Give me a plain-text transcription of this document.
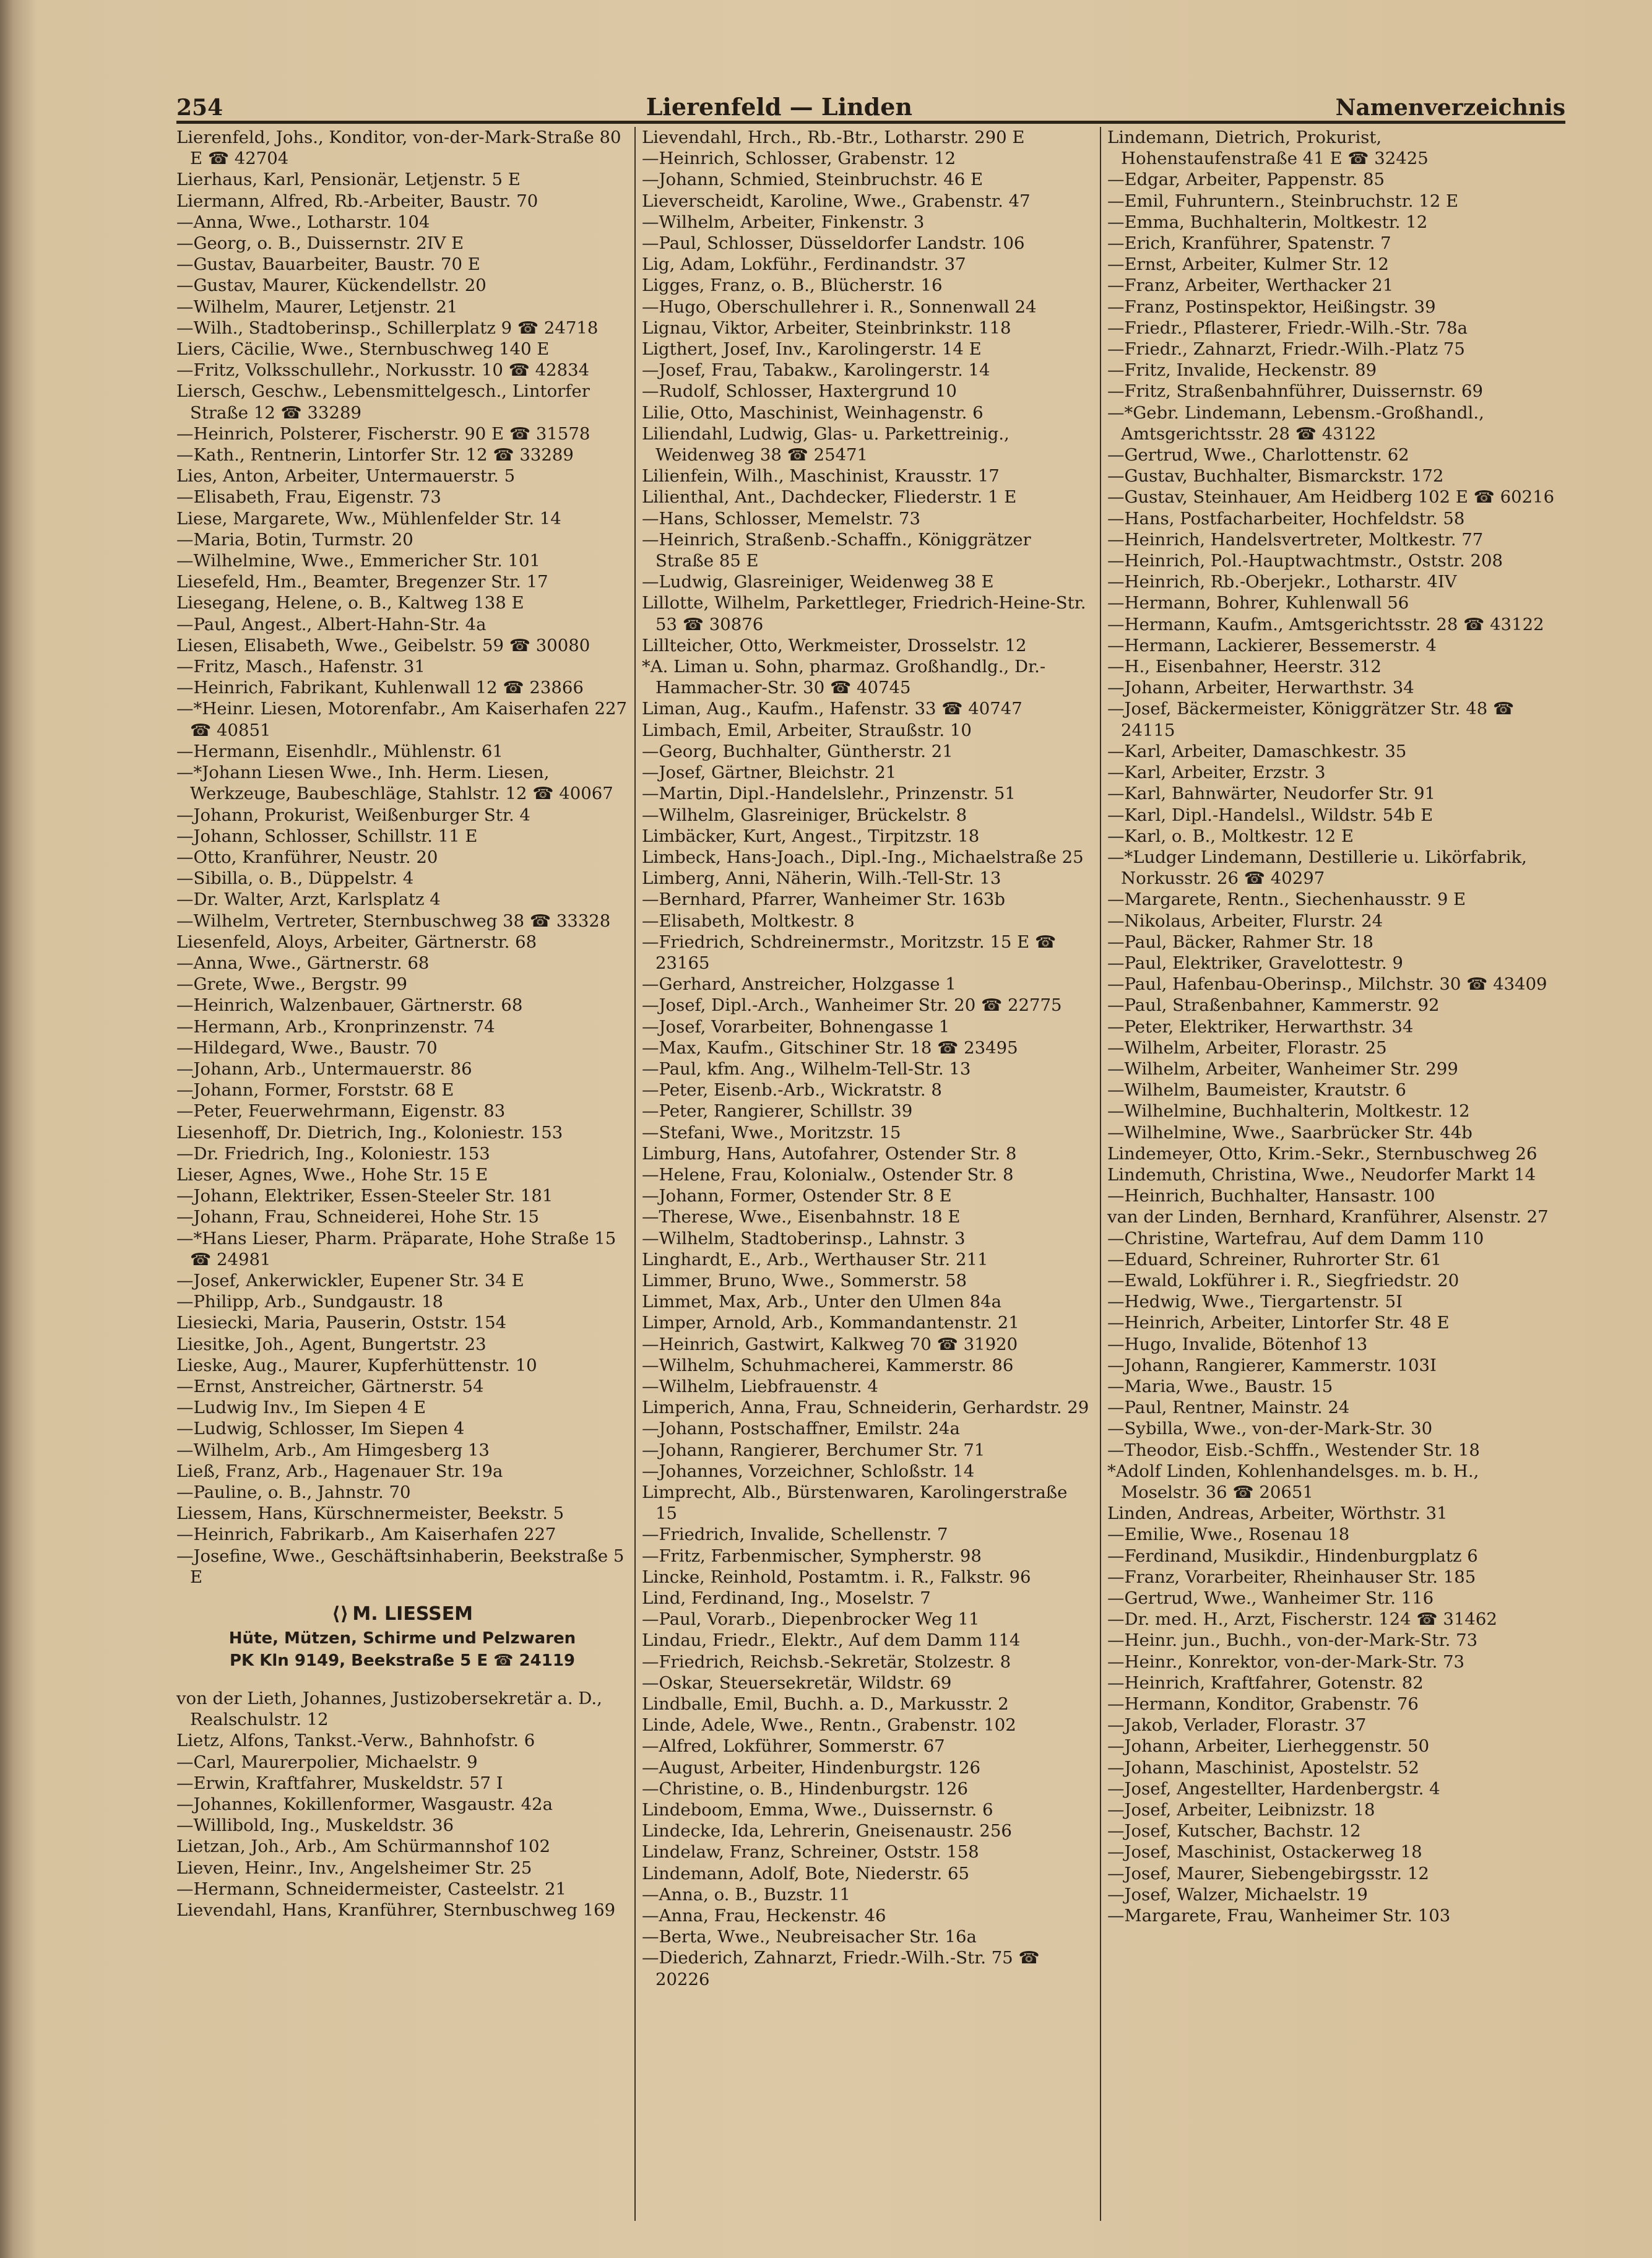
254	Lierenfeld — Linden	Namenverzeichnis
Lierenfeld, Johs., Konditor, von-der-Mark-Straße 80 E ☎ 42704
Lierhaus, Karl, Pensionär, Letjenstr. 5 E
Liermann, Alfred, Rb.-Arbeiter, Baustr. 70
—Anna, Wwe., Lotharstr. 104
—Georg, o. B., Duissernstr. 2IV E
—Gustav, Bauarbeiter, Baustr. 70 E
—Gustav, Maurer, Kückendellstr. 20
—Wilhelm, Maurer, Letjenstr. 21
—Wilh., Stadtoberinsp., Schillerplatz 9 ☎ 24718
Liers, Cäcilie, Wwe., Sternbuschweg 140 E
—Fritz, Volksschullehr., Norkusstr. 10 ☎ 42834
Liersch, Geschw., Lebensmittelgesch., Lintorfer Straße 12 ☎ 33289
—Heinrich, Polsterer, Fischerstr. 90 E ☎ 31578
—Kath., Rentnerin, Lintorfer Str. 12 ☎ 33289
Lies, Anton, Arbeiter, Untermauerstr. 5
—Elisabeth, Frau, Eigenstr. 73
Liese, Margarete, Ww., Mühlenfelder Str. 14
—Maria, Botin, Turmstr. 20
—Wilhelmine, Wwe., Emmericher Str. 101
Liesefeld, Hm., Beamter, Bregenzer Str. 17
Liesegang, Helene, o. B., Kaltweg 138 E
—Paul, Angest., Albert-Hahn-Str. 4a
Liesen, Elisabeth, Wwe., Geibelstr. 59 ☎ 30080
—Fritz, Masch., Hafenstr. 31
—Heinrich, Fabrikant, Kuhlenwall 12 ☎ 23866
—*Heinr. Liesen, Motorenfabr., Am Kaiserhafen 227 ☎ 40851
—Hermann, Eisenhdlr., Mühlenstr. 61
—*Johann Liesen Wwe., Inh. Herm. Liesen, Werkzeuge, Baubeschläge, Stahlstr. 12 ☎ 40067
—Johann, Prokurist, Weißenburger Str. 4
—Johann, Schlosser, Schillstr. 11 E
—Otto, Kranführer, Neustr. 20
—Sibilla, o. B., Düppelstr. 4
—Dr. Walter, Arzt, Karlsplatz 4
—Wilhelm, Vertreter, Sternbuschweg 38 ☎ 33328
Liesenfeld, Aloys, Arbeiter, Gärtnerstr. 68
—Anna, Wwe., Gärtnerstr. 68
—Grete, Wwe., Bergstr. 99
—Heinrich, Walzenbauer, Gärtnerstr. 68
—Hermann, Arb., Kronprinzenstr. 74
—Hildegard, Wwe., Baustr. 70
—Johann, Arb., Untermauerstr. 86
—Johann, Former, Forststr. 68 E
—Peter, Feuerwehrmann, Eigenstr. 83
Liesenhoff, Dr. Dietrich, Ing., Koloniestr. 153
—Dr. Friedrich, Ing., Koloniestr. 153
Lieser, Agnes, Wwe., Hohe Str. 15 E
—Johann, Elektriker, Essen-Steeler Str. 181
—Johann, Frau, Schneiderei, Hohe Str. 15
—*Hans Lieser, Pharm. Präparate, Hohe Straße 15 ☎ 24981
—Josef, Ankerwickler, Eupener Str. 34 E
—Philipp, Arb., Sundgaustr. 18
Liesiecki, Maria, Pauserin, Oststr. 154
Liesitke, Joh., Agent, Bungertstr. 23
Lieske, Aug., Maurer, Kupferhüttenstr. 10
—Ernst, Anstreicher, Gärtnerstr. 54
—Ludwig Inv., Im Siepen 4 E
—Ludwig, Schlosser, Im Siepen 4
—Wilhelm, Arb., Am Himgesberg 13
Ließ, Franz, Arb., Hagenauer Str. 19a
—Pauline, o. B., Jahnstr. 70
Liessem, Hans, Kürschnermeister, Beekstr. 5
—Heinrich, Fabrikarb., Am Kaiserhafen 227
—Josefine, Wwe., Geschäftsinhaberin, Beekstraße 5 E
⟨⟩ M. LIESSEM
Hüte, Mützen, Schirme und Pelzwaren
PK Kln 9149, Beekstraße 5 E ☎ 24119
von der Lieth, Johannes, Justizobersekretär a. D., Realschulstr. 12
Lietz, Alfons, Tankst.-Verw., Bahnhofstr. 6
—Carl, Maurerpolier, Michaelstr. 9
—Erwin, Kraftfahrer, Muskeldstr. 57 I
—Johannes, Kokillenformer, Wasgaustr. 42a
—Willibold, Ing., Muskeldstr. 36
Lietzan, Joh., Arb., Am Schürmannshof 102
Lieven, Heinr., Inv., Angelsheimer Str. 25
—Hermann, Schneidermeister, Casteelstr. 21
Lievendahl, Hans, Kranführer, Sternbuschweg 169
Lievendahl, Hrch., Rb.-Btr., Lotharstr. 290 E
—Heinrich, Schlosser, Grabenstr. 12
—Johann, Schmied, Steinbruchstr. 46 E
Lieverscheidt, Karoline, Wwe., Grabenstr. 47
—Wilhelm, Arbeiter, Finkenstr. 3
—Paul, Schlosser, Düsseldorfer Landstr. 106
Lig, Adam, Lokführ., Ferdinandstr. 37
Ligges, Franz, o. B., Blücherstr. 16
—Hugo, Oberschullehrer i. R., Sonnenwall 24
Lignau, Viktor, Arbeiter, Steinbrinkstr. 118
Ligthert, Josef, Inv., Karolingerstr. 14 E
—Josef, Frau, Tabakw., Karolingerstr. 14
—Rudolf, Schlosser, Haxtergrund 10
Lilie, Otto, Maschinist, Weinhagenstr. 6
Liliendahl, Ludwig, Glas- u. Parkettreinig., Weidenweg 38 ☎ 25471
Lilienfein, Wilh., Maschinist, Krausstr. 17
Lilienthal, Ant., Dachdecker, Fliederstr. 1 E
—Hans, Schlosser, Memelstr. 73
—Heinrich, Straßenb.-Schaffn., Königgrätzer Straße 85 E
—Ludwig, Glasreiniger, Weidenweg 38 E
Lillotte, Wilhelm, Parkettleger, Friedrich-Heine-Str. 53 ☎ 30876
Lillteicher, Otto, Werkmeister, Drosselstr. 12
*A. Liman u. Sohn, pharmaz. Großhandlg., Dr.-Hammacher-Str. 30 ☎ 40745
Liman, Aug., Kaufm., Hafenstr. 33 ☎ 40747
Limbach, Emil, Arbeiter, Straußstr. 10
—Georg, Buchhalter, Güntherstr. 21
—Josef, Gärtner, Bleichstr. 21
—Martin, Dipl.-Handelslehr., Prinzenstr. 51
—Wilhelm, Glasreiniger, Brückelstr. 8
Limbäcker, Kurt, Angest., Tirpitzstr. 18
Limbeck, Hans-Joach., Dipl.-Ing., Michaelstraße 25
Limberg, Anni, Näherin, Wilh.-Tell-Str. 13
—Bernhard, Pfarrer, Wanheimer Str. 163b
—Elisabeth, Moltkestr. 8
—Friedrich, Schdreinermstr., Moritzstr. 15 E ☎ 23165
—Gerhard, Anstreicher, Holzgasse 1
—Josef, Dipl.-Arch., Wanheimer Str. 20 ☎ 22775
—Josef, Vorarbeiter, Bohnengasse 1
—Max, Kaufm., Gitschiner Str. 18 ☎ 23495
—Paul, kfm. Ang., Wilhelm-Tell-Str. 13
—Peter, Eisenb.-Arb., Wickratstr. 8
—Peter, Rangierer, Schillstr. 39
—Stefani, Wwe., Moritzstr. 15
Limburg, Hans, Autofahrer, Ostender Str. 8
—Helene, Frau, Kolonialw., Ostender Str. 8
—Johann, Former, Ostender Str. 8 E
—Therese, Wwe., Eisenbahnstr. 18 E
—Wilhelm, Stadtoberinsp., Lahnstr. 3
Linghardt, E., Arb., Werthauser Str. 211
Limmer, Bruno, Wwe., Sommerstr. 58
Limmet, Max, Arb., Unter den Ulmen 84a
Limper, Arnold, Arb., Kommandantenstr. 21
—Heinrich, Gastwirt, Kalkweg 70 ☎ 31920
—Wilhelm, Schuhmacherei, Kammerstr. 86
—Wilhelm, Liebfrauenstr. 4
Limperich, Anna, Frau, Schneiderin, Gerhardstr. 29
—Johann, Postschaffner, Emilstr. 24a
—Johann, Rangierer, Berchumer Str. 71
—Johannes, Vorzeichner, Schloßstr. 14
Limprecht, Alb., Bürstenwaren, Karolingerstraße 15
—Friedrich, Invalide, Schellenstr. 7
—Fritz, Farbenmischer, Sympherstr. 98
Lincke, Reinhold, Postamtm. i. R., Falkstr. 96
Lind, Ferdinand, Ing., Moselstr. 7
—Paul, Vorarb., Diepenbrocker Weg 11
Lindau, Friedr., Elektr., Auf dem Damm 114
—Friedrich, Reichsb.-Sekretär, Stolzestr. 8
—Oskar, Steuersekretär, Wildstr. 69
Lindballe, Emil, Buchh. a. D., Markusstr. 2
Linde, Adele, Wwe., Rentn., Grabenstr. 102
—Alfred, Lokführer, Sommerstr. 67
—August, Arbeiter, Hindenburgstr. 126
—Christine, o. B., Hindenburgstr. 126
Lindeboom, Emma, Wwe., Duissernstr. 6
Lindecke, Ida, Lehrerin, Gneisenaustr. 256
Lindelaw, Franz, Schreiner, Oststr. 158
Lindemann, Adolf, Bote, Niederstr. 65
—Anna, o. B., Buzstr. 11
—Anna, Frau, Heckenstr. 46
—Berta, Wwe., Neubreisacher Str. 16a
—Diederich, Zahnarzt, Friedr.-Wilh.-Str. 75 ☎ 20226
Lindemann, Dietrich, Prokurist, Hohenstaufenstraße 41 E ☎ 32425
—Edgar, Arbeiter, Pappenstr. 85
—Emil, Fuhruntern., Steinbruchstr. 12 E
—Emma, Buchhalterin, Moltkestr. 12
—Erich, Kranführer, Spatenstr. 7
—Ernst, Arbeiter, Kulmer Str. 12
—Franz, Arbeiter, Werthacker 21
—Franz, Postinspektor, Heißingstr. 39
—Friedr., Pflasterer, Friedr.-Wilh.-Str. 78a
—Friedr., Zahnarzt, Friedr.-Wilh.-Platz 75
—Fritz, Invalide, Heckenstr. 89
—Fritz, Straßenbahnführer, Duissernstr. 69
—*Gebr. Lindemann, Lebensm.-Großhandl., Amtsgerichtsstr. 28 ☎ 43122
—Gertrud, Wwe., Charlottenstr. 62
—Gustav, Buchhalter, Bismarckstr. 172
—Gustav, Steinhauer, Am Heidberg 102 E ☎ 60216
—Hans, Postfacharbeiter, Hochfeldstr. 58
—Heinrich, Handelsvertreter, Moltkestr. 77
—Heinrich, Pol.-Hauptwachtmstr., Oststr. 208
—Heinrich, Rb.-Oberjekr., Lotharstr. 4IV
—Hermann, Bohrer, Kuhlenwall 56
—Hermann, Kaufm., Amtsgerichtsstr. 28 ☎ 43122
—Hermann, Lackierer, Bessemerstr. 4
—H., Eisenbahner, Heerstr. 312
—Johann, Arbeiter, Herwarthstr. 34
—Josef, Bäckermeister, Königgrätzer Str. 48 ☎ 24115
—Karl, Arbeiter, Damaschkestr. 35
—Karl, Arbeiter, Erzstr. 3
—Karl, Bahnwärter, Neudorfer Str. 91
—Karl, Dipl.-Handelsl., Wildstr. 54b E
—Karl, o. B., Moltkestr. 12 E
—*Ludger Lindemann, Destillerie u. Likörfabrik, Norkusstr. 26 ☎ 40297
—Margarete, Rentn., Siechenhausstr. 9 E
—Nikolaus, Arbeiter, Flurstr. 24
—Paul, Bäcker, Rahmer Str. 18
—Paul, Elektriker, Gravelottestr. 9
—Paul, Hafenbau-Oberinsp., Milchstr. 30 ☎ 43409
—Paul, Straßenbahner, Kammerstr. 92
—Peter, Elektriker, Herwarthstr. 34
—Wilhelm, Arbeiter, Florastr. 25
—Wilhelm, Arbeiter, Wanheimer Str. 299
—Wilhelm, Baumeister, Krautstr. 6
—Wilhelmine, Buchhalterin, Moltkestr. 12
—Wilhelmine, Wwe., Saarbrücker Str. 44b
Lindemeyer, Otto, Krim.-Sekr., Sternbuschweg 26
Lindemuth, Christina, Wwe., Neudorfer Markt 14
—Heinrich, Buchhalter, Hansastr. 100
van der Linden, Bernhard, Kranführer, Alsenstr. 27
—Christine, Wartefrau, Auf dem Damm 110
—Eduard, Schreiner, Ruhrorter Str. 61
—Ewald, Lokführer i. R., Siegfriedstr. 20
—Hedwig, Wwe., Tiergartenstr. 5I
—Heinrich, Arbeiter, Lintorfer Str. 48 E
—Hugo, Invalide, Bötenhof 13
—Johann, Rangierer, Kammerstr. 103I
—Maria, Wwe., Baustr. 15
—Paul, Rentner, Mainstr. 24
—Sybilla, Wwe., von-der-Mark-Str. 30
—Theodor, Eisb.-Schffn., Westender Str. 18
*Adolf Linden, Kohlenhandelsges. m. b. H., Moselstr. 36 ☎ 20651
Linden, Andreas, Arbeiter, Wörthstr. 31
—Emilie, Wwe., Rosenau 18
—Ferdinand, Musikdir., Hindenburgplatz 6
—Franz, Vorarbeiter, Rheinhauser Str. 185
—Gertrud, Wwe., Wanheimer Str. 116
—Dr. med. H., Arzt, Fischerstr. 124 ☎ 31462
—Heinr. jun., Buchh., von-der-Mark-Str. 73
—Heinr., Konrektor, von-der-Mark-Str. 73
—Heinrich, Kraftfahrer, Gotenstr. 82
—Hermann, Konditor, Grabenstr. 76
—Jakob, Verlader, Florastr. 37
—Johann, Arbeiter, Lierheggenstr. 50
—Johann, Maschinist, Apostelstr. 52
—Josef, Angestellter, Hardenbergstr. 4
—Josef, Arbeiter, Leibnizstr. 18
—Josef, Kutscher, Bachstr. 12
—Josef, Maschinist, Ostackerweg 18
—Josef, Maurer, Siebengebirgsstr. 12
—Josef, Walzer, Michaelstr. 19
—Margarete, Frau, Wanheimer Str. 103
